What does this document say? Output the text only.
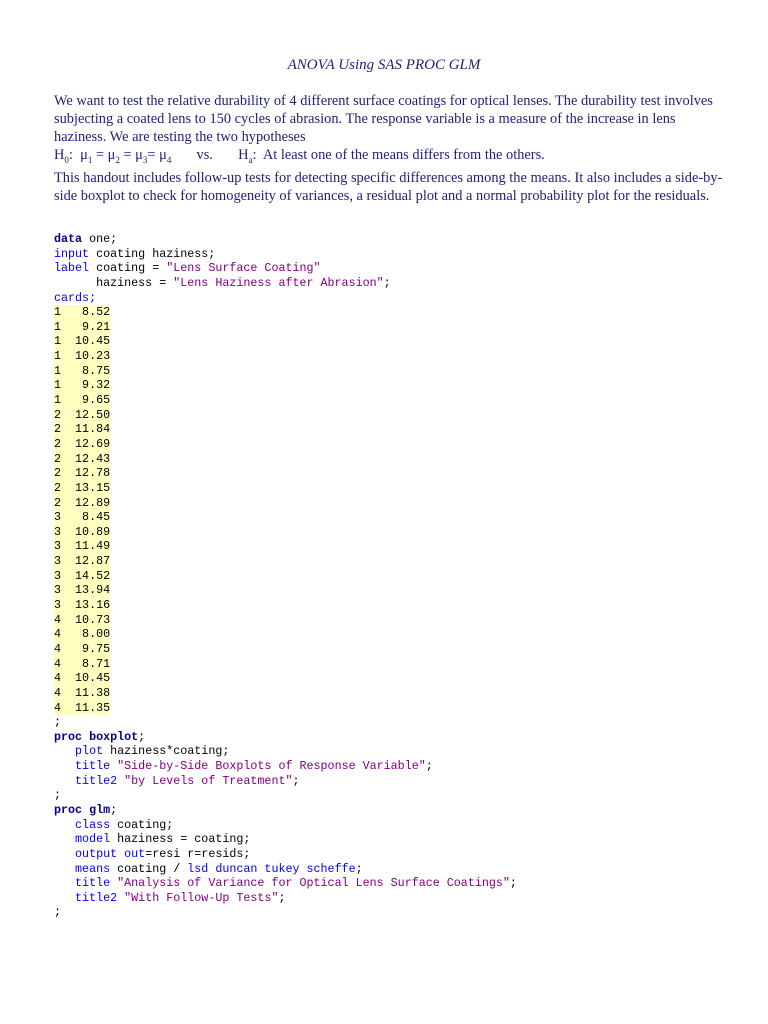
ANOVA Using SAS PROC GLM

We want to test the relative durability of 4 different surface coatings for optical lenses. The durability test involves subjecting a coated lens to 150 cycles of abrasion. The response variable is a measure of the increase in lens haziness. We are testing the two hypotheses

$H_0$:  $\mu_1 = \mu_2 = \mu_3= \mu_4$ vs. $H_a$:  At least one of the means differs from the others.

This handout includes follow-up tests for detecting specific differences among the means. It also includes a side-by-side boxplot to check for homogeneity of variances, a residual plot and a normal probability plot for the residuals.

data one;
input coating haziness;
label coating = "Lens Surface Coating"
haziness = "Lens Haziness after Abrasion";
cards;
1   8.52
1   9.21
1  10.45
1  10.23
1   8.75
1   9.32
1   9.65
2  12.50
2  11.84
2  12.69
2  12.43
2  12.78
2  13.15
2  12.89
3   8.45
3  10.89
3  11.49
3  12.87
3  14.52
3  13.94
3  13.16
4  10.73
4   8.00
4   9.75
4   8.71
4  10.45
4  11.38
4  11.35
;
proc boxplot;
plot haziness*coating;
title "Side-by-Side Boxplots of Response Variable";
title2 "by Levels of Treatment";
;
proc glm;
class coating;
model haziness = coating;
output out=resi r=resids;
means coating / lsd duncan tukey scheffe;
title "Analysis of Variance for Optical Lens Surface Coatings";
title2 "With Follow-Up Tests";
;
